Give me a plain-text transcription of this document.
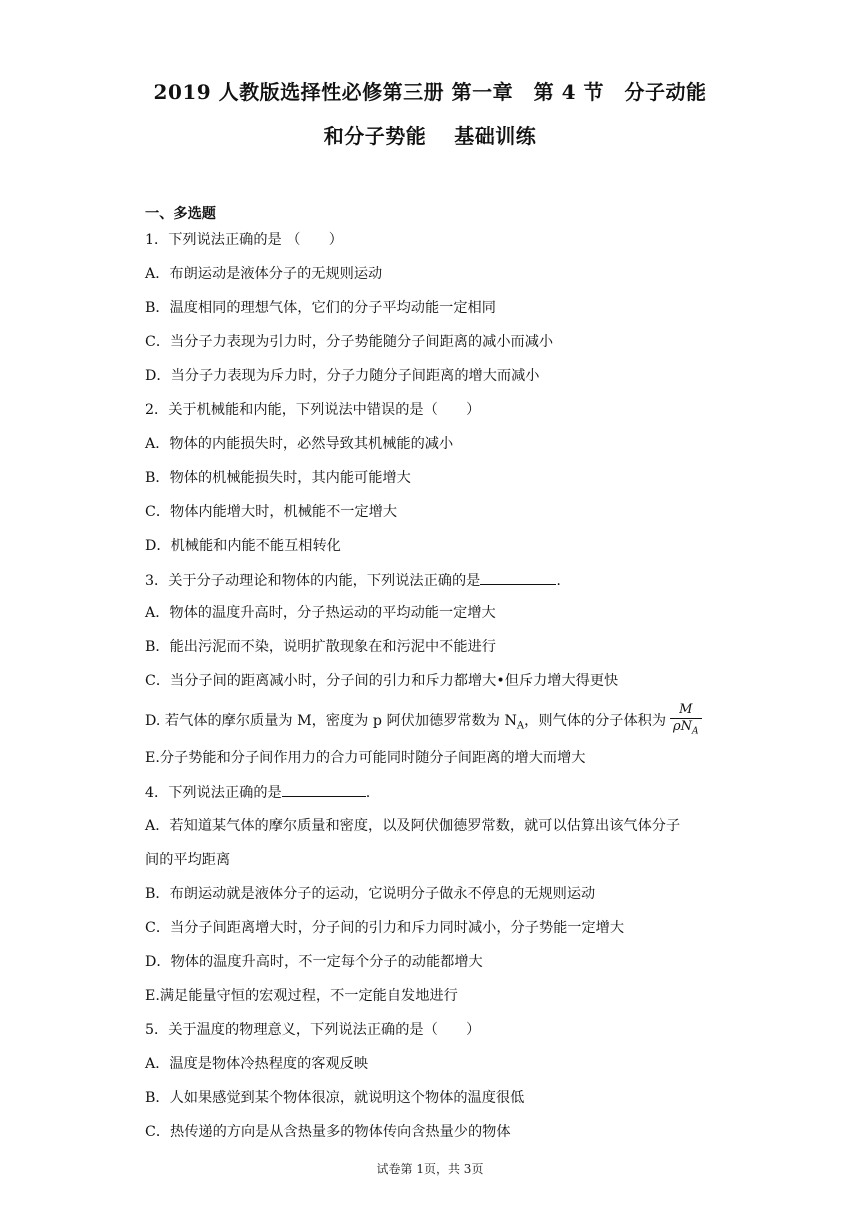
2019 人教版选择性必修第三册 第一章　第 4 节　分子动能
和分子势能　 基础训练
一、多选题
1．下列说法正确的是 （　　）
A．布朗运动是液体分子的无规则运动
B．温度相同的理想气体，它们的分子平均动能一定相同
C．当分子力表现为引力时，分子势能随分子间距离的减小而减小
D．当分子力表现为斥力时，分子力随分子间距离的增大而减小
2．关于机械能和内能，下列说法中错误的是（　　）
A．物体的内能损失时，必然导致其机械能的减小
B．物体的机械能损失时，其内能可能增大
C．物体内能增大时，机械能不一定增大
D．机械能和内能不能互相转化
3．关于分子动理论和物体的内能，下列说法正确的是	.
A．物体的温度升高时，分子热运动的平均动能一定增大
B．能出污泥而不染，说明扩散现象在和污泥中不能进行
C．当分子间的距离减小时，分子间的引力和斥力都增大•但斥力增大得更快
D. 若气体的摩尔质量为 M，密度为 p 阿伏加德罗常数为 $N_A$，则气体的分子体积为 $\frac{M}{\rho N_A}$
E.分子势能和分子间作用力的合力可能同时随分子间距离的增大而增大
4．下列说法正确的是	.
A．若知道某气体的摩尔质量和密度，以及阿伏伽德罗常数，就可以估算出该气体分子
间的平均距离
B．布朗运动就是液体分子的运动，它说明分子做永不停息的无规则运动
C．当分子间距离增大时，分子间的引力和斥力同时减小，分子势能一定增大
D．物体的温度升高时，不一定每个分子的动能都增大
E.满足能量守恒的宏观过程，不一定能自发地进行
5．关于温度的物理意义，下列说法正确的是（　　）
A．温度是物体冷热程度的客观反映
B．人如果感觉到某个物体很凉，就说明这个物体的温度很低
C．热传递的方向是从含热量多的物体传向含热量少的物体
试卷第 1页，共 3页
